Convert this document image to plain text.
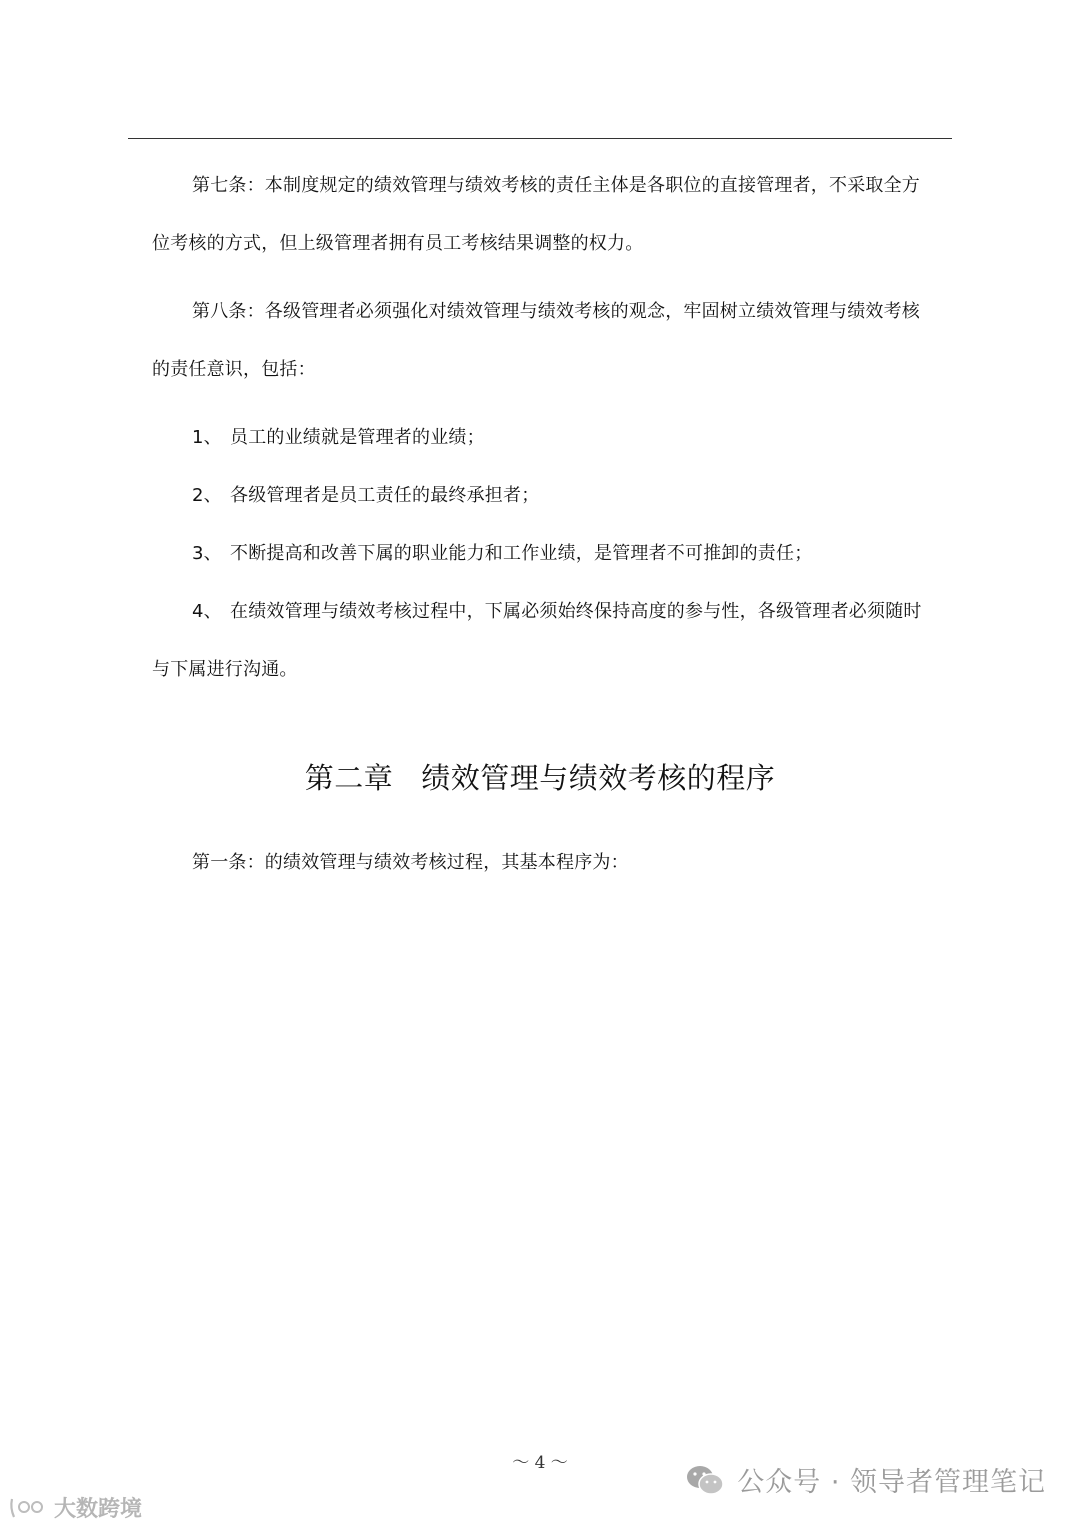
第七条：本制度规定的绩效管理与绩效考核的责任主体是各职位的直接管理者，不采取全方位考核的方式，但上级管理者拥有员工考核结果调整的权力。

第八条：各级管理者必须强化对绩效管理与绩效考核的观念，牢固树立绩效管理与绩效考核的责任意识，包括：

1、 员工的业绩就是管理者的业绩；

2、 各级管理者是员工责任的最终承担者；

3、 不断提高和改善下属的职业能力和工作业绩，是管理者不可推卸的责任；

4、 在绩效管理与绩效考核过程中，下属必须始终保持高度的参与性，各级管理者必须随时与下属进行沟通。

第二章 绩效管理与绩效考核的程序

第一条：的绩效管理与绩效考核过程，其基本程序为：

～ 4 ～
公众号 · 领导者管理笔记
大数跨境
